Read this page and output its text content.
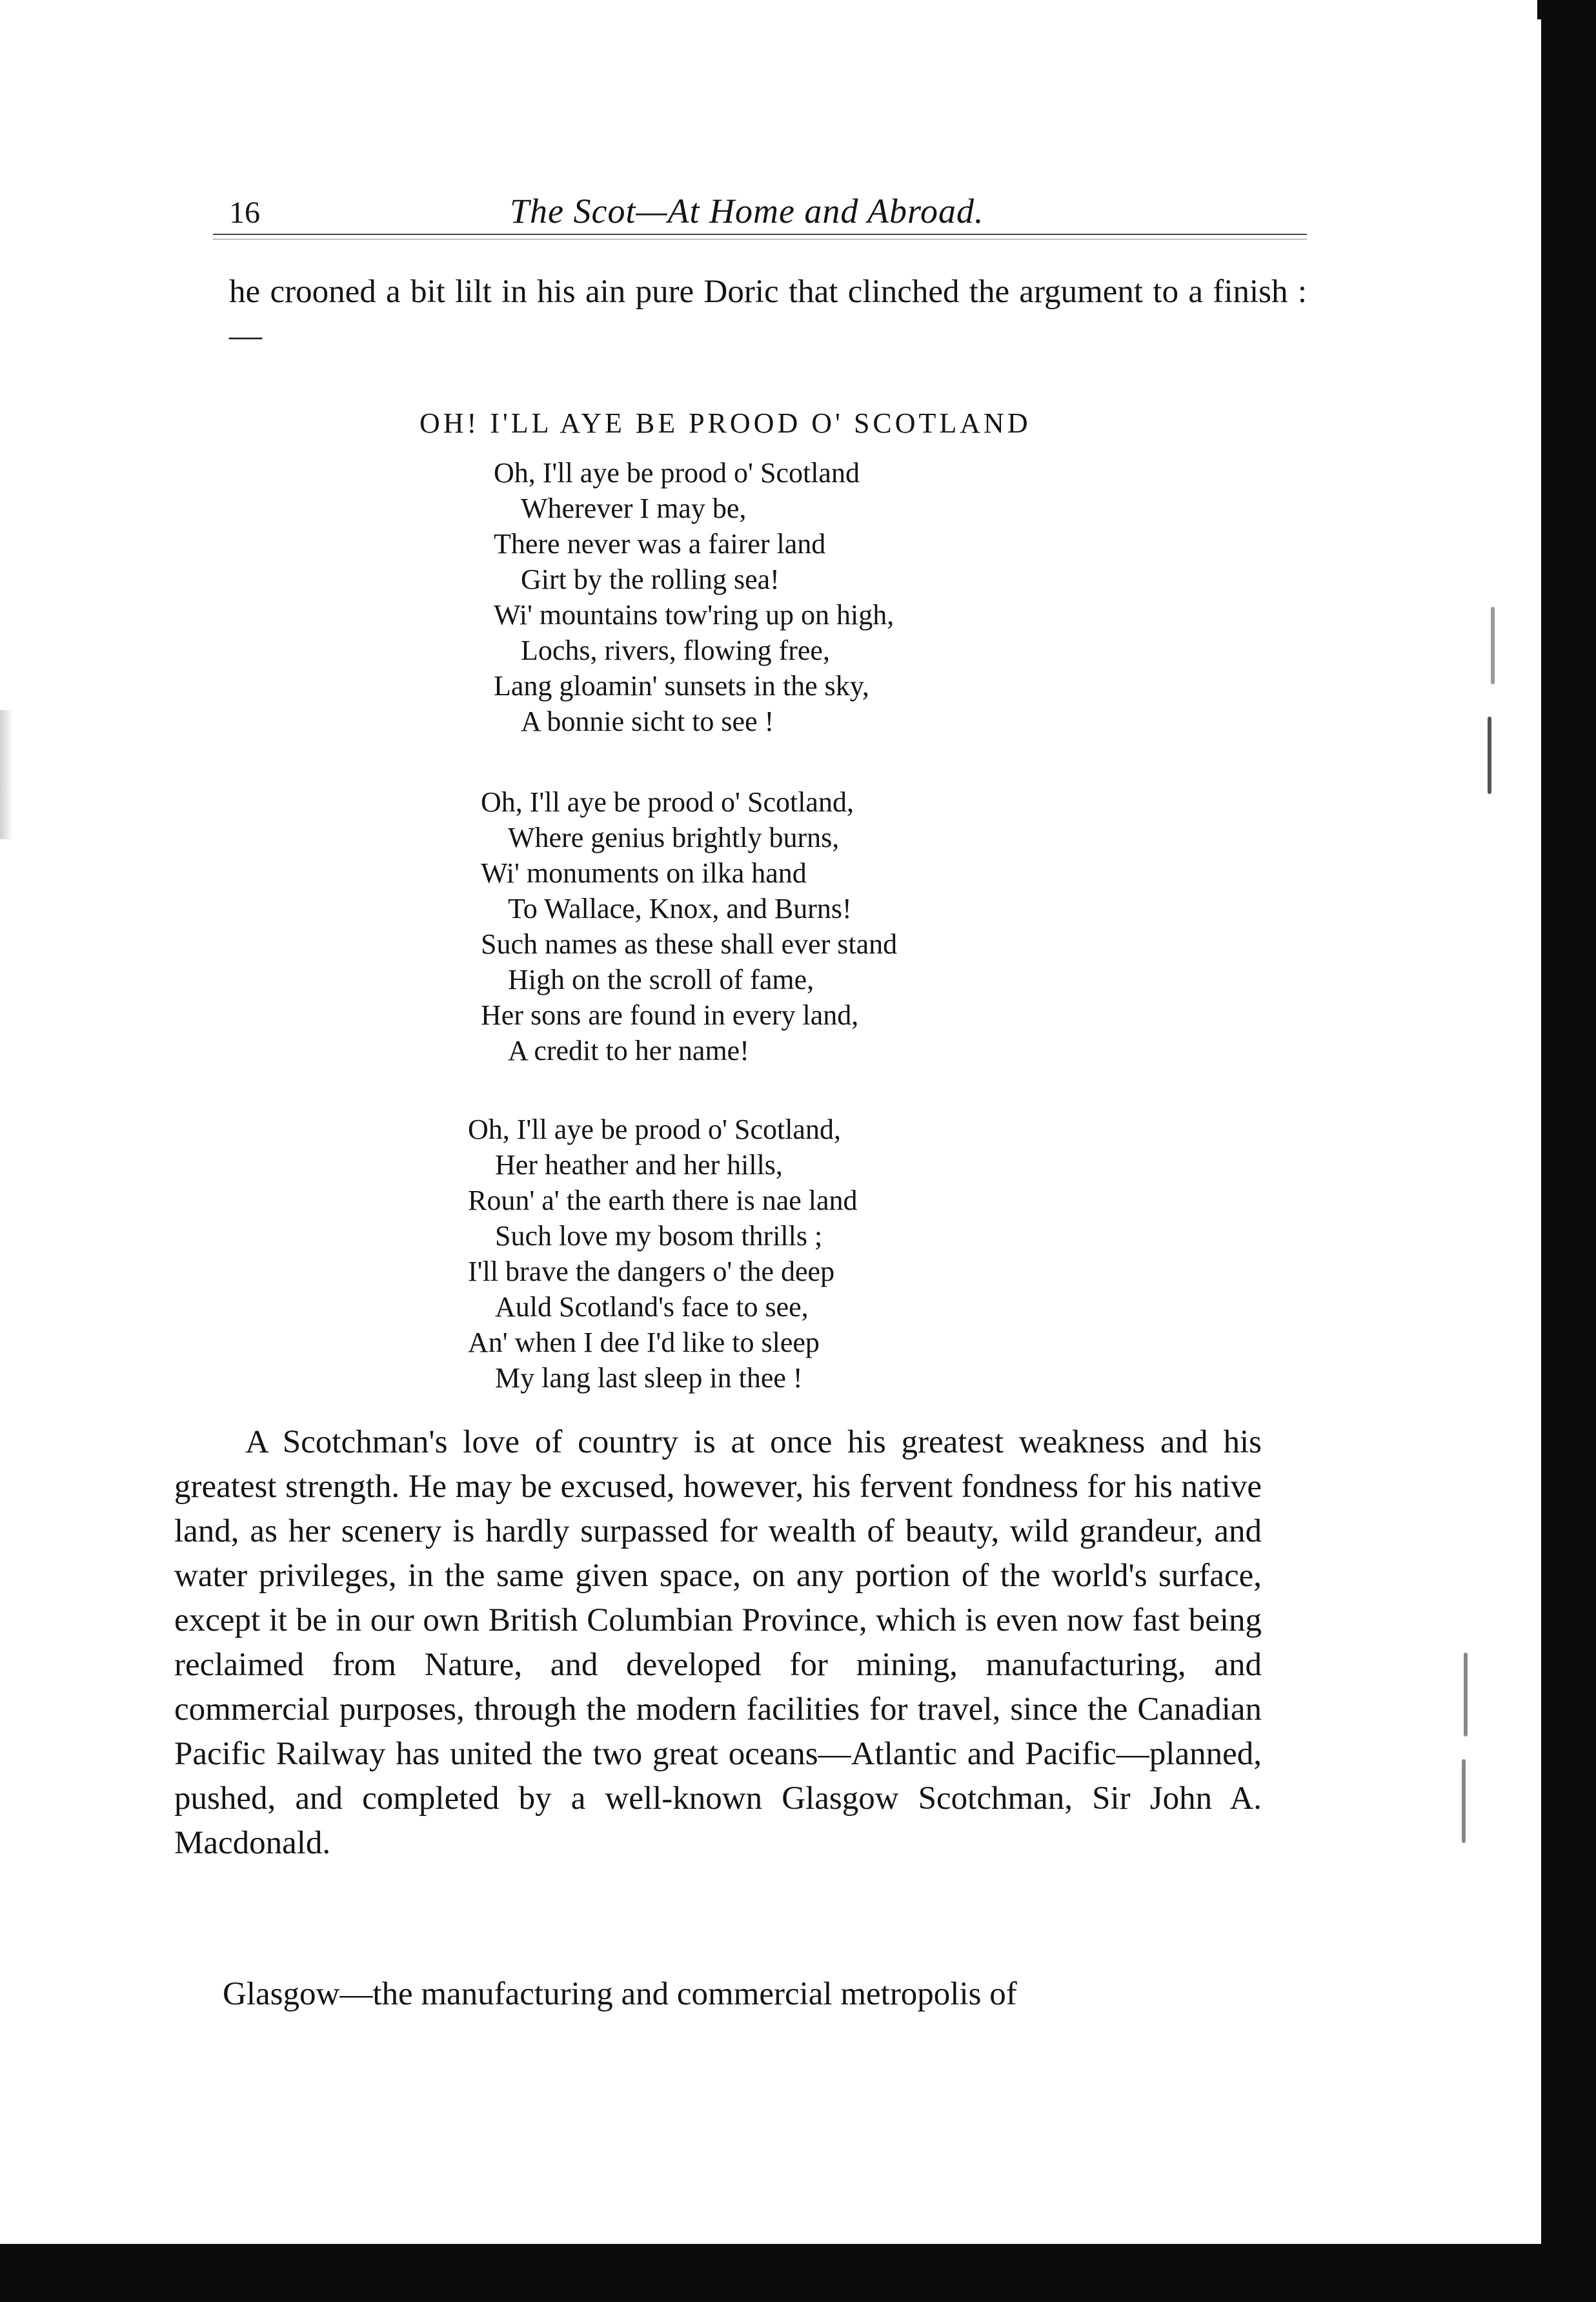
16	The Scot—At Home and Abroad.
he crooned a bit lilt in his ain pure Doric that clinched the argument to a finish :—
OH! I'LL AYE BE PROOD O' SCOTLAND
Oh, I'll aye be prood o' Scotland
Wherever I may be,
There never was a fairer land
Girt by the rolling sea!
Wi' mountains tow'ring up on high,
Lochs, rivers, flowing free,
Lang gloamin' sunsets in the sky,
A bonnie sicht to see !
Oh, I'll aye be prood o' Scotland,
Where genius brightly burns,
Wi' monuments on ilka hand
To Wallace, Knox, and Burns!
Such names as these shall ever stand
High on the scroll of fame,
Her sons are found in every land,
A credit to her name!
Oh, I'll aye be prood o' Scotland,
Her heather and her hills,
Roun' a' the earth there is nae land
Such love my bosom thrills ;
I'll brave the dangers o' the deep
Auld Scotland's face to see,
An' when I dee I'd like to sleep
My lang last sleep in thee !
A Scotchman's love of country is at once his greatest weakness and his greatest strength. He may be excused, however, his fervent fondness for his native land, as her scenery is hardly surpassed for wealth of beauty, wild grandeur, and water privileges, in the same given space, on any portion of the world's surface, except it be in our own British Columbian Province, which is even now fast being reclaimed from Nature, and developed for mining, manufacturing, and commercial purposes, through the modern facilities for travel, since the Canadian Pacific Railway has united the two great oceans—Atlantic and Pacific—planned, pushed, and completed by a well-known Glasgow Scotchman, Sir John A. Macdonald.
Glasgow—the manufacturing and commercial metropolis of
